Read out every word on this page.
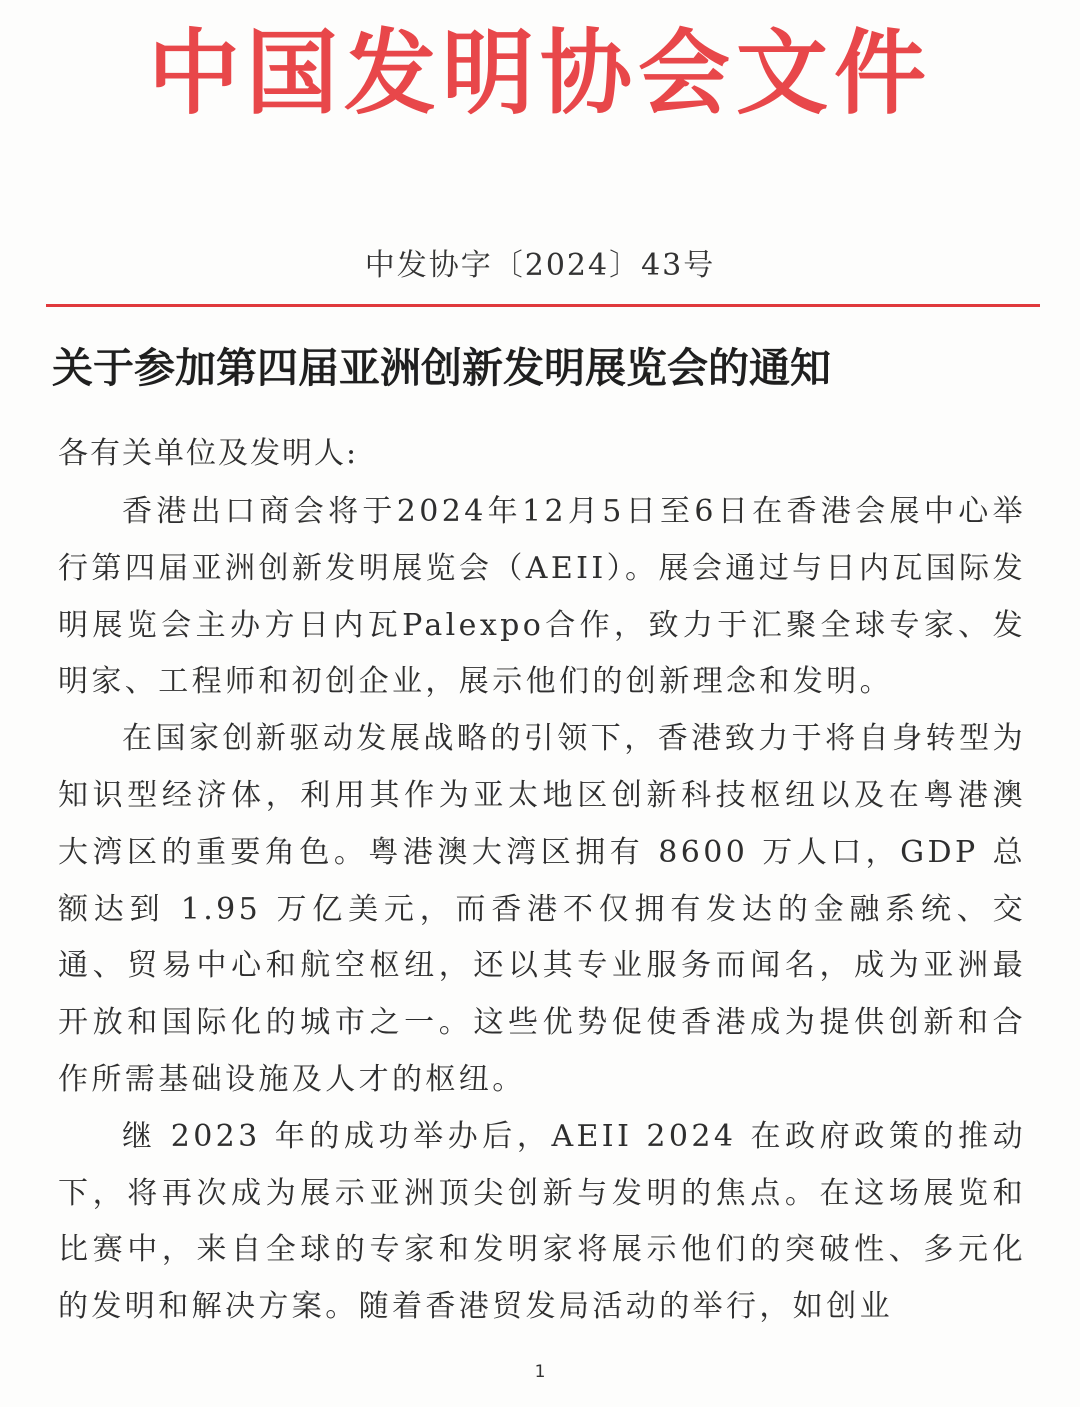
中国发明协会文件
中发协字〔2024〕43号
关于参加第四届亚洲创新发明展览会的通知
各有关单位及发明人:

香港出口商会将于2024年12月5日至6日在香港会展中心举行第四届亚洲创新发明展览会（AEII）。展会通过与日内瓦国际发明展览会主办方日内瓦Palexpo合作，致力于汇聚全球专家、发明家、工程师和初创企业，展示他们的创新理念和发明。

在国家创新驱动发展战略的引领下，香港致力于将自身转型为知识型经济体，利用其作为亚太地区创新科技枢纽以及在粤港澳大湾区的重要角色。粤港澳大湾区拥有 8600 万人口，GDP 总额达到 1.95 万亿美元，而香港不仅拥有发达的金融系统、交通、贸易中心和航空枢纽，还以其专业服务而闻名，成为亚洲最开放和国际化的城市之一。这些优势促使香港成为提供创新和合作所需基础设施及人才的枢纽。

继 2023 年的成功举办后，AEII 2024 在政府政策的推动下，将再次成为展示亚洲顶尖创新与发明的焦点。在这场展览和比赛中，来自全球的专家和发明家将展示他们的突破性、多元化的发明和解决方案。随着香港贸发局活动的举行，如创业

1
